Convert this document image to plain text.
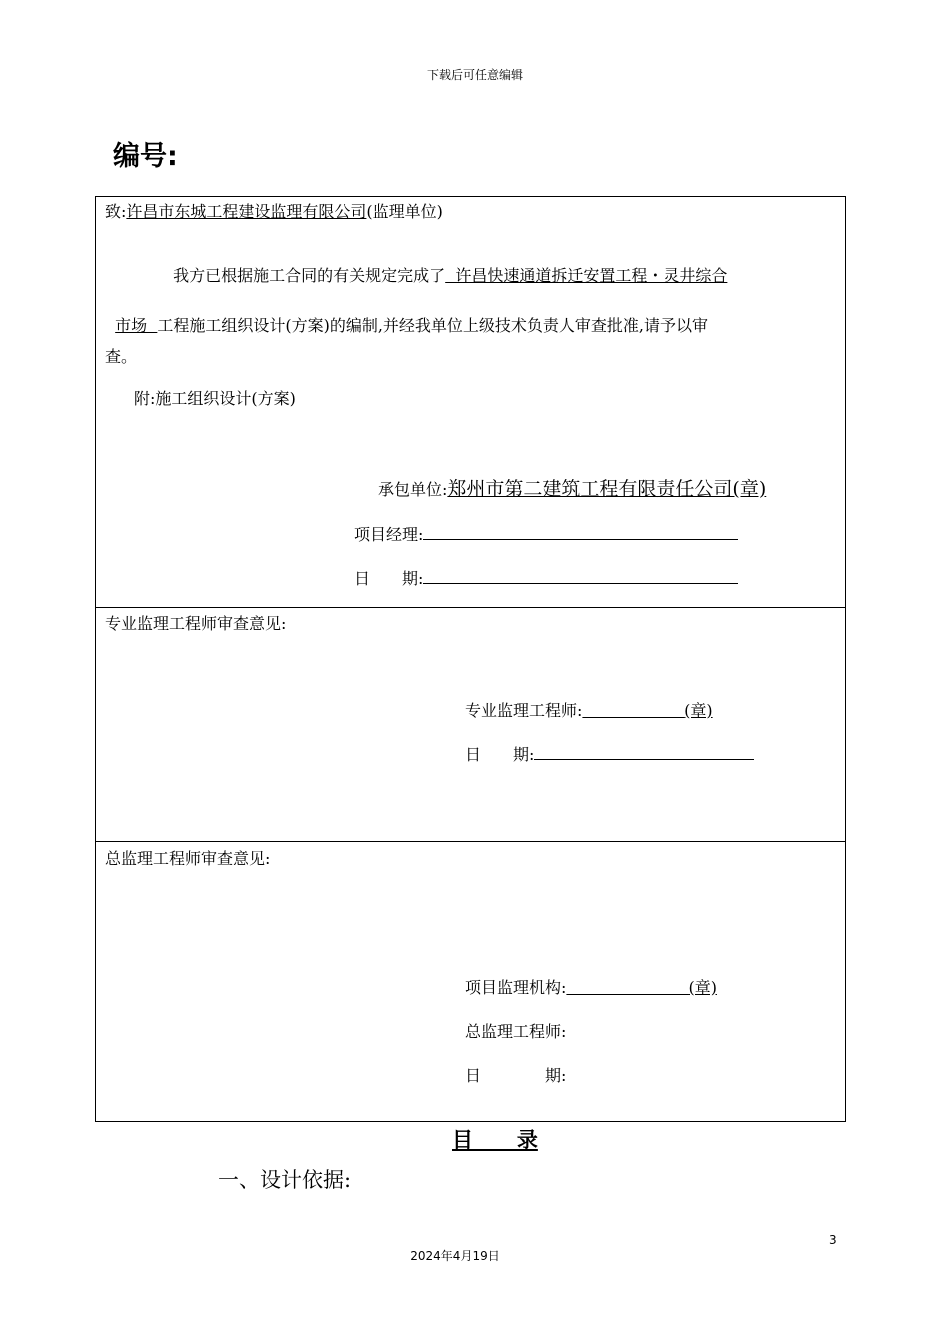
下载后可任意编辑
编号:
致:许昌市东城工程建设监理有限公司(监理单位)

我方已根据施工合同的有关规定完成了  许昌快速通道拆迁安置工程・灵井综合

市场  工程施工组织设计(方案)的编制,并经我单位上级技术负责人审查批准,请予以审

查。
附:施工组织设计(方案)
承包单位:郑州市第二建筑工程有限责任公司(章)
项目经理:
日　　期:
专业监理工程师审查意见:
专业监理工程师:	(章)
日　　期:
总监理工程师审查意见:
项目监理机构:	(章)
总监理工程师:
日　　　　期:
目      录
一、设计依据:
3
2024年4月19日
